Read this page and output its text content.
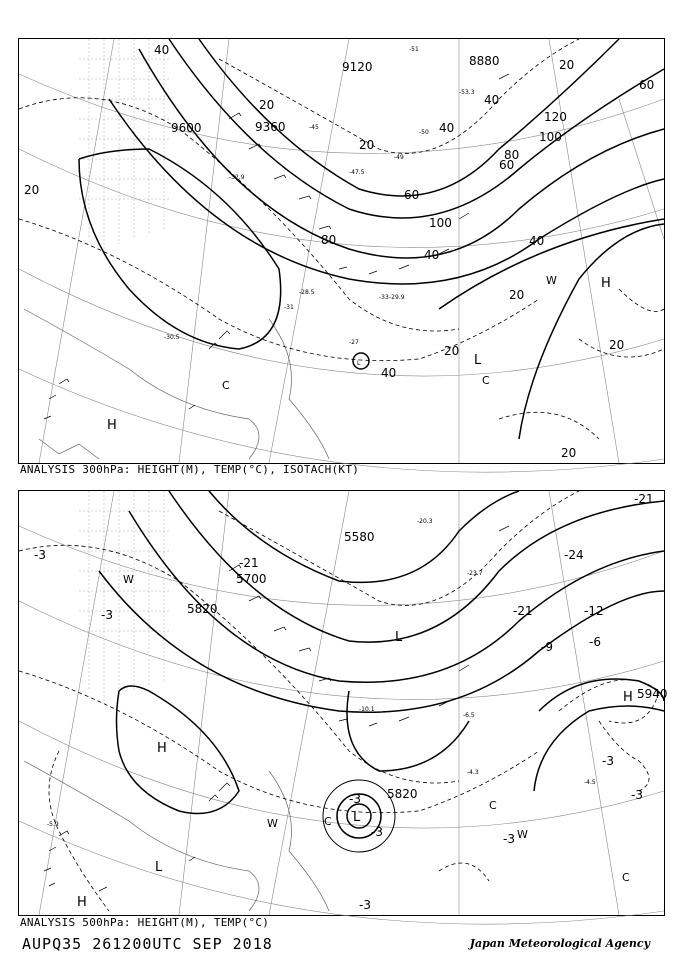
20
20
20
20
20
20
20
20
40
40
40
40
40
40
60
60
60
80
80
100
100
120
9120	8880
9600	9360
-27
-28.5
-29.9
-30.5
-31
-32.9
-33
-45
-47.5
-49
-50
-51
-53.3
H
H
L
L
C	C
W
ANALYSIS 300hPa: HEIGHT(M), TEMP(°C), ISOTACH(KT)
5580
5700
5820
5940
5820
-3
-3
-3
-3	-3
-3
-3
-3
-6
-9
-12
-21
-21
-21
-24
-4.3
-4.5
-5.9
-6.5
-10.1
-20.3
-23.7
H
H
H
L
L
L
C
C
C
W
W
W
ANALYSIS 500hPa: HEIGHT(M), TEMP(°C)
AUPQ35 261200UTC SEP 2018	Japan Meteorological Agency
